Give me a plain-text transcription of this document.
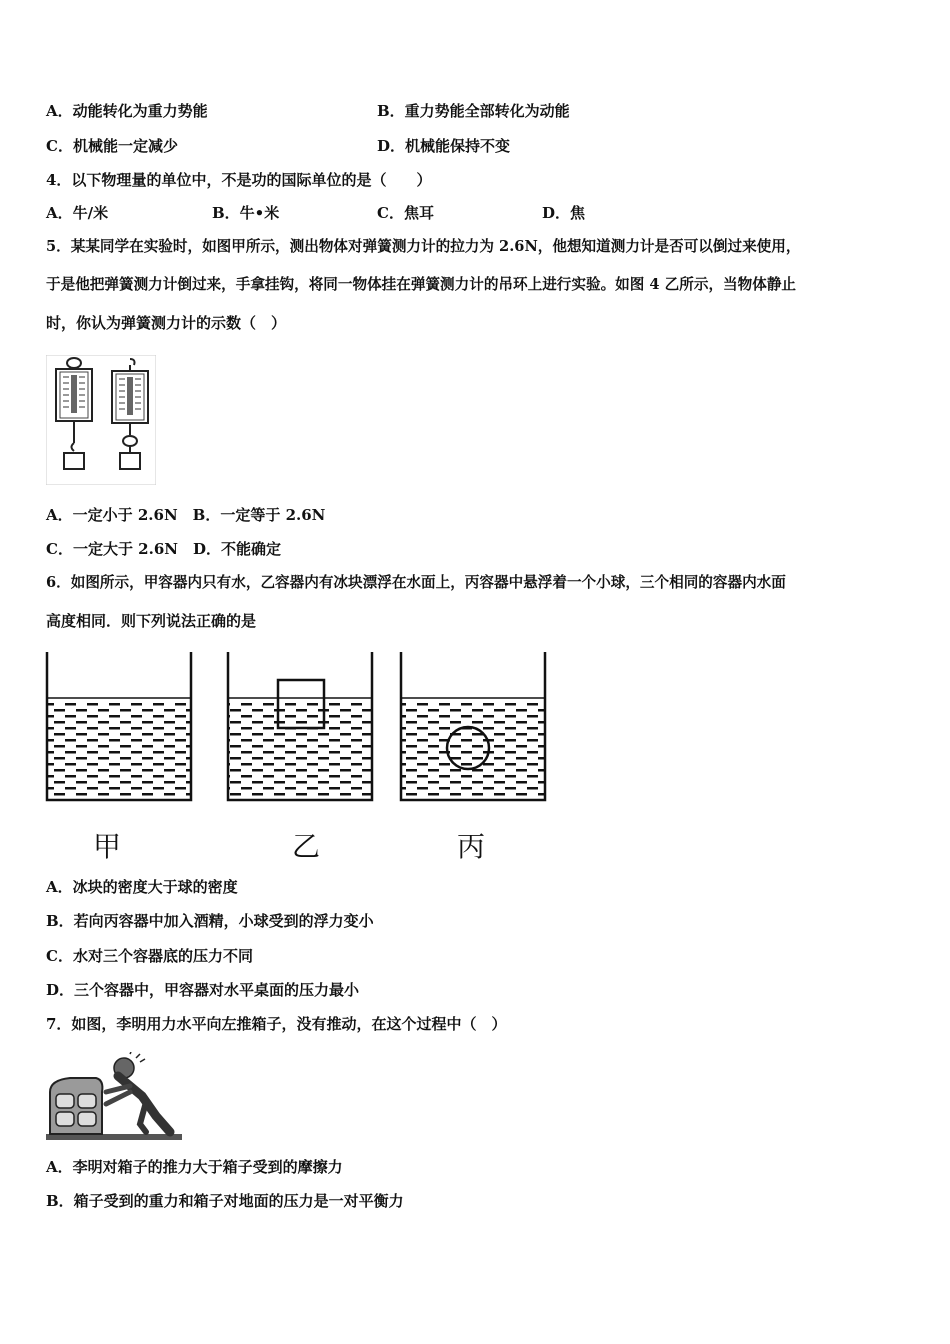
A．动能转化为重力势能	B．重力势能全部转化为动能
C．机械能一定减少	D．机械能保持不变
4．以下物理量的单位中，不是功的国际单位的是（　　）
A．牛/米	B．牛•米	C．焦耳	D．焦
5．某某同学在实验时，如图甲所示，测出物体对弹簧测力计的拉力为 2.6N，他想知道测力计是否可以倒过来使用，
于是他把弹簧测力计倒过来，手拿挂钩，将同一物体挂在弹簧测力计的吊环上进行实验。如图 4 乙所示，当物体静止
时，你认为弹簧测力计的示数（　）
A．一定小于 2.6N　B．一定等于 2.6N
C．一定大于 2.6N　D．不能确定
6．如图所示，甲容器内只有水，乙容器内有冰块漂浮在水面上，丙容器中悬浮着一个小球，三个相同的容器内水面
高度相同．则下列说法正确的是
甲	乙	丙
A．冰块的密度大于球的密度
B．若向丙容器中加入酒精，小球受到的浮力变小
C．水对三个容器底的压力不同
D．三个容器中，甲容器对水平桌面的压力最小
7．如图，李明用力水平向左推箱子，没有推动，在这个过程中（　）
A．李明对箱子的推力大于箱子受到的摩擦力
B．箱子受到的重力和箱子对地面的压力是一对平衡力
